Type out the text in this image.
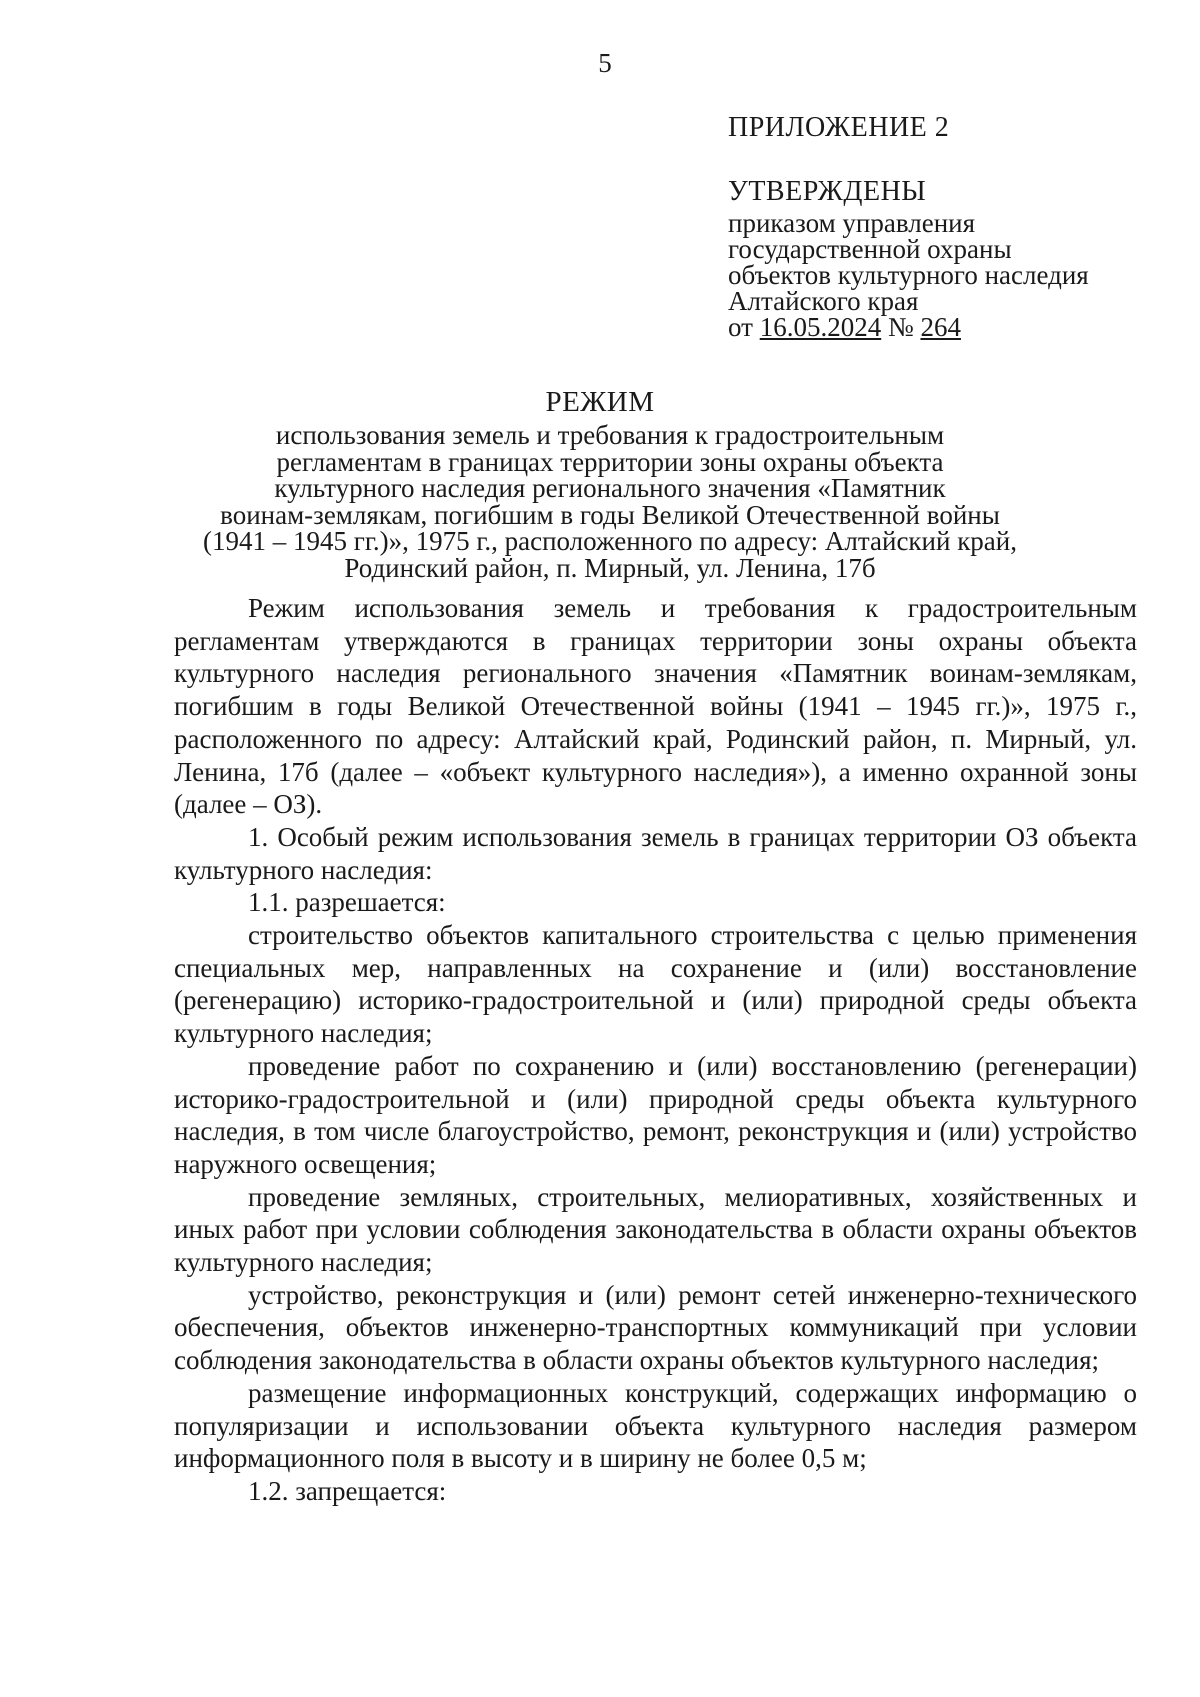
5
ПРИЛОЖЕНИЕ 2
УТВЕРЖДЕНЫ
приказом управления
государственной охраны
объектов культурного наследия
Алтайского края
от 16.05.2024 № 264
РЕЖИМ
использования земель и требования к градостроительным
регламентам в границах территории зоны охраны объекта
культурного наследия регионального значения «Памятник
воинам-землякам, погибшим в годы Великой Отечественной войны
(1941 – 1945 гг.)», 1975 г., расположенного по адресу: Алтайский край,
Родинский район, п. Мирный, ул. Ленина, 17б

Режим использования земель и требования к градостроительным регламентам утверждаются в границах территории зоны охраны объекта культурного наследия регионального значения «Памятник воинам-землякам, погибшим в годы Великой Отечественной войны (1941 – 1945 гг.)», 1975 г., расположенного по адресу: Алтайский край, Родинский район, п. Мирный, ул. Ленина, 17б (далее – «объект культурного наследия»), а именно охранной зоны (далее – ОЗ).

1. Особый режим использования земель в границах территории ОЗ объекта культурного наследия:

1.1. разрешается:

строительство объектов капитального строительства с целью применения специальных мер, направленных на сохранение и (или) восстановление (регенерацию) историко-градостроительной и (или) природной среды объекта культурного наследия;

проведение работ по сохранению и (или) восстановлению (регенерации) историко-градостроительной и (или) природной среды объекта культурного наследия, в том числе благоустройство, ремонт, реконструкция и (или) устройство наружного освещения;

проведение земляных, строительных, мелиоративных, хозяйственных и иных работ при условии соблюдения законодательства в области охраны объектов культурного наследия;

устройство, реконструкция и (или) ремонт сетей инженерно-технического обеспечения, объектов инженерно-транспортных коммуникаций при условии соблюдения законодательства в области охраны объектов культурного наследия;

размещение информационных конструкций, содержащих информацию о популяризации и использовании объекта культурного наследия размером информационного поля в высоту и в ширину не более 0,5 м;

1.2. запрещается:
